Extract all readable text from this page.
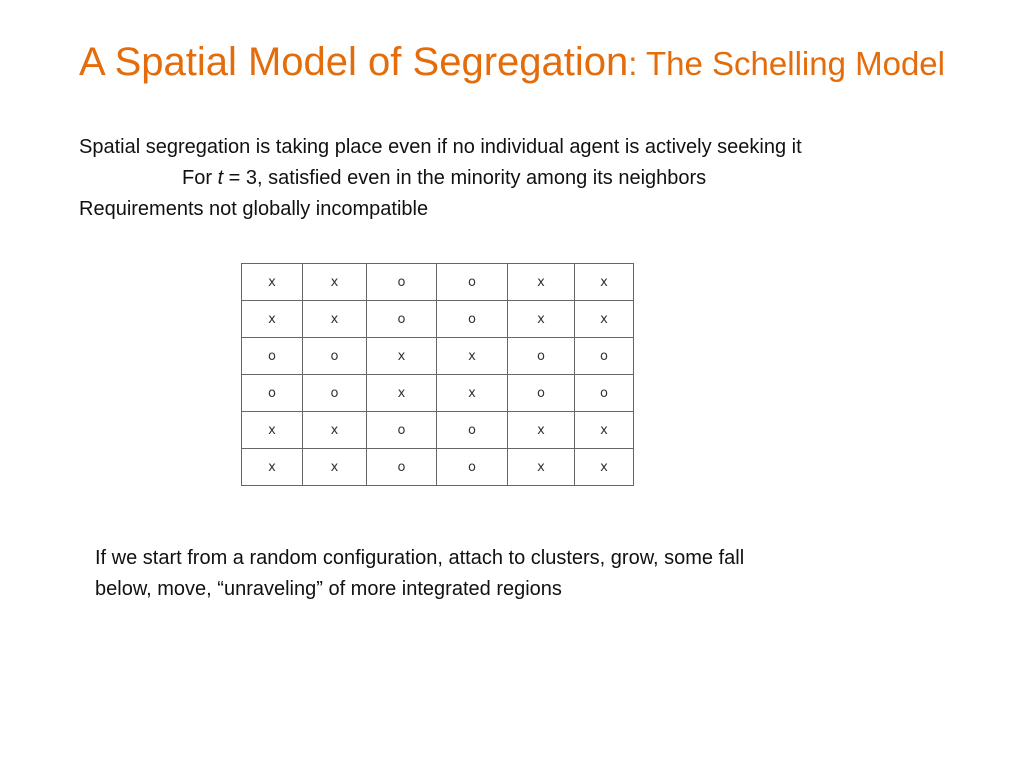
A Spatial Model of Segregation: The Schelling Model
Spatial segregation is taking place even if no individual agent is actively seeking it
For t = 3, satisfied even in the minority among its neighbors
Requirements not globally incompatible
x	x	o	o	x	x
x	x	o	o	x	x
o	o	x	x	o	o
o	o	x	x	o	o
x	x	o	o	x	x
x	x	o	o	x	x
If we start from a random configuration, attach to clusters, grow, some fall
below, move, “unraveling” of more integrated regions
